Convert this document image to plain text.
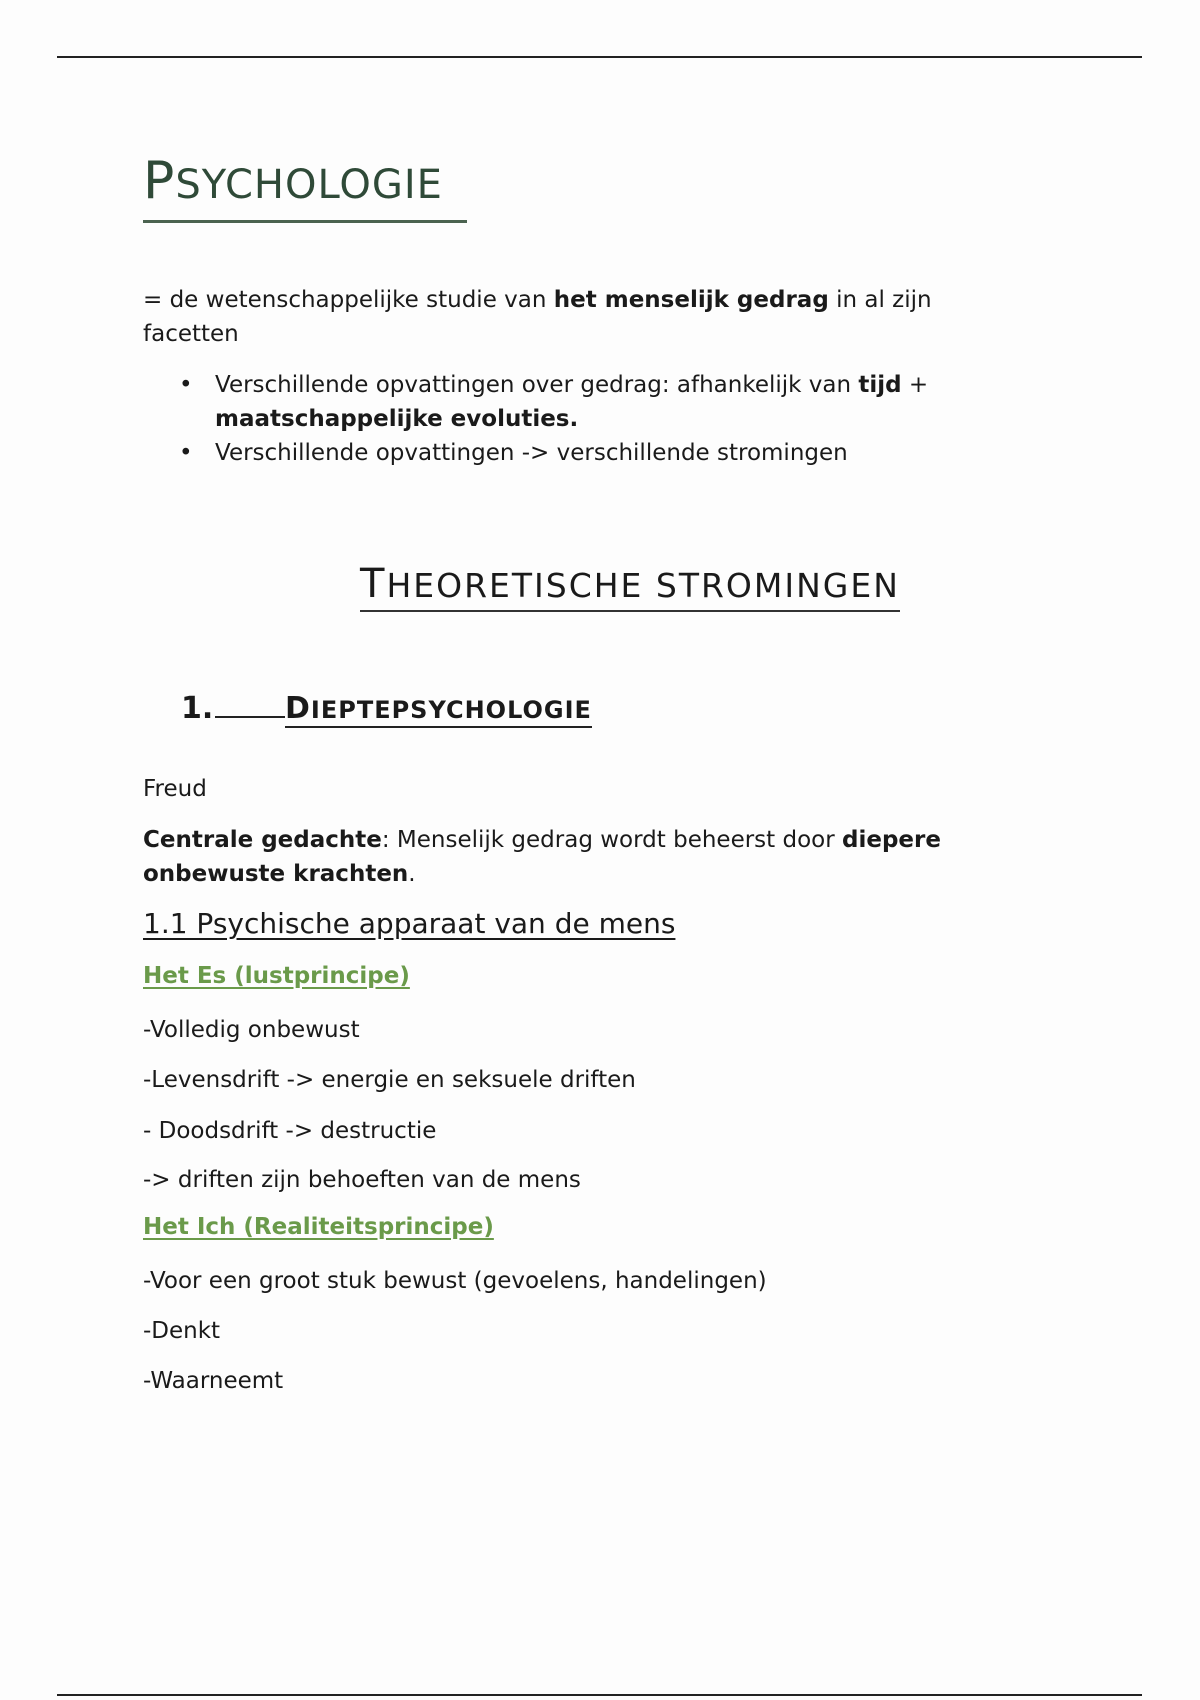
PSYCHOLOGIE
= de wetenschappelijke studie van het menselijk gedrag in al zijn facetten
• Verschillende opvattingen over gedrag: afhankelijk van tijd + maatschappelijke evoluties.
• Verschillende opvattingen -> verschillende stromingen
THEORETISCHE STROMINGEN
1. DIEPTEPSYCHOLOGIE
Freud
Centrale gedachte: Menselijk gedrag wordt beheerst door diepere onbewuste krachten.
1.1 Psychische apparaat van de mens
Het Es (lustprincipe)
-Volledig onbewust
-Levensdrift -> energie en seksuele driften
- Doodsdrift -> destructie
-> driften zijn behoeften van de mens
Het Ich (Realiteitsprincipe)
-Voor een groot stuk bewust (gevoelens, handelingen)
-Denkt
-Waarneemt
